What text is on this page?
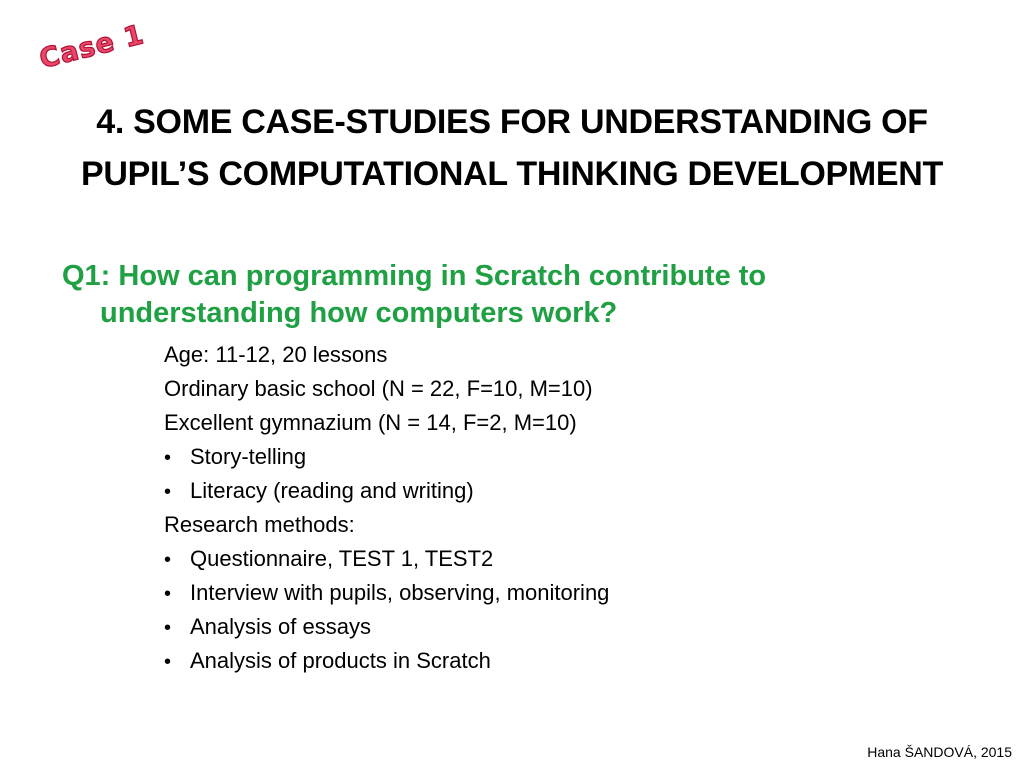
Case 1
4. SOME CASE-STUDIES FOR UNDERSTANDING OF
PUPIL’S COMPUTATIONAL THINKING DEVELOPMENT
Q1: How can programming in Scratch contribute to
understanding how computers work?
Age: 11-12, 20 lessons
Ordinary basic school (N = 22, F=10, M=10)
Excellent gymnazium (N = 14, F=2, M=10)
• Story-telling
• Literacy (reading and writing)
Research methods:
• Questionnaire, TEST 1, TEST2
• Interview with pupils, observing, monitoring
• Analysis of essays
• Analysis of products in Scratch
Hana ŠANDOVÁ, 2015
